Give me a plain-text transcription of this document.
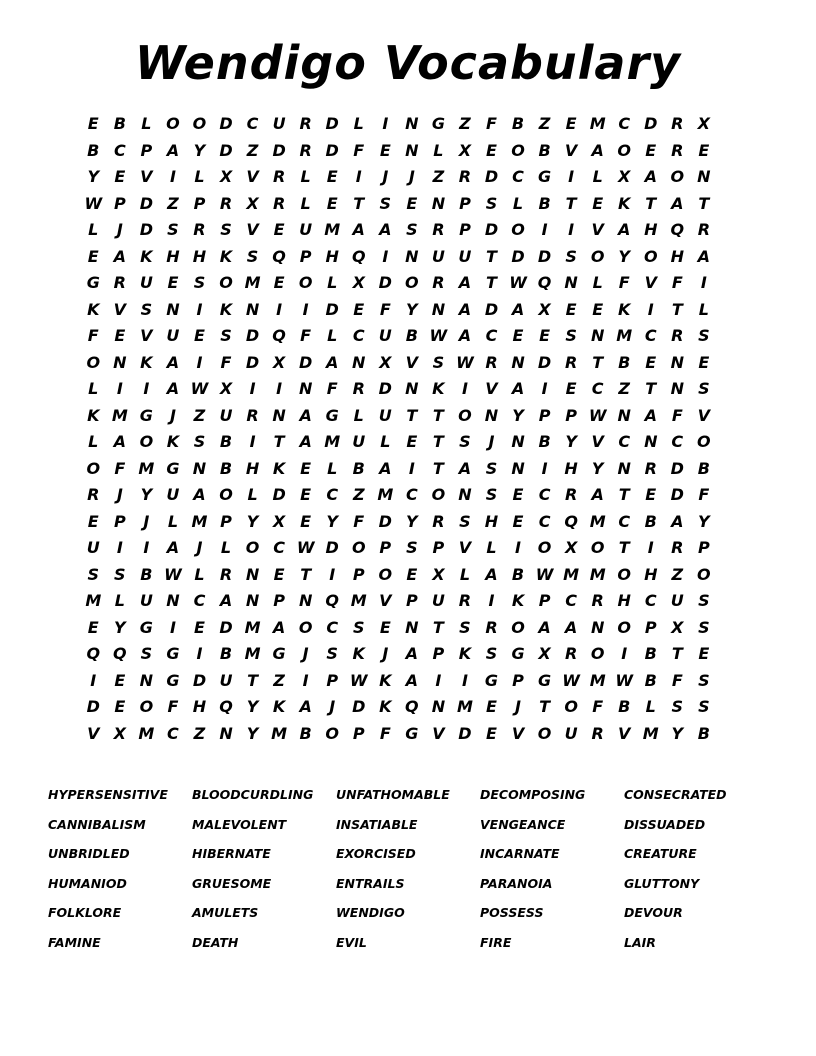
Wendigo Vocabulary
E B L O O D C U R D L	I	N G Z F B Z E M C D R X
B C P A Y D Z D R D F E N L X E O B V A O E R E
Y E V	I	L X V R L E	I	J	J	Z R D C G	I	L X A O N
W P D Z P R X R L E T S E N P S L B T E K T A T
L	J	D S R S V E U M A A S R P D O	I	I	V A H Q R
E A K H H K S Q P H Q	I	N U U T D D S O Y O H A
G R U E S O M E O L X D O R A T W Q N L F V F	I
K V S N	I	K N	I	I	D E F Y N A D A X E E K	I	T L
F E V U E S D Q F L C U B W A C E E S N M C R S
O N K A	I	F D X D A N X V S W R N D R T B E N E
L	I	I	A W X	I	I	N F R D N K	I	V A	I	E C Z T N S
K M G	J	Z U R N A G L U T T O N Y P P W N A F V
L A O K S B	I	T A M U L E T S	J	N B Y V C N C O
O F M G N B H K E L B A	I	T A S N	I	H Y N R D B
R	J	Y U A O L D E C Z M C O N S E C R A T E D F
E P	J	L M P Y X E Y F D Y R S H E C Q M C B A Y
U	I	I	A	J	L O C W D O P S P V L	I	O X O T	I	R P
S S B W L R N E T	I	P O E X L A B W M M O H Z O
M L U N C A N P N Q M V P U R	I	K P C R H C U S
E Y G	I	E D M A O C S E N T S R O A A N O P X S
Q Q S G	I	B M G	J	S K	J	A P K S G X R O	I	B T E
I	E N G D U T Z	I	P W K A	I	I	G P G W M W B F S
D E O F H Q Y K A	J	D K Q N M E	J	T O F B L S S
V X M C Z N Y M B O P F G V D E V O U R V M Y B
HYPERSENSITIVE	BLOODCURDLING	UNFATHOMABLE	DECOMPOSING	CONSECRATED
CANNIBALISM	MALEVOLENT	INSATIABLE	VENGEANCE	DISSUADED
UNBRIDLED	HIBERNATE	EXORCISED	INCARNATE	CREATURE
HUMANIOD	GRUESOME	ENTRAILS	PARANOIA	GLUTTONY
FOLKLORE	AMULETS	WENDIGO	POSSESS	DEVOUR
FAMINE	DEATH	EVIL	FIRE	LAIR
